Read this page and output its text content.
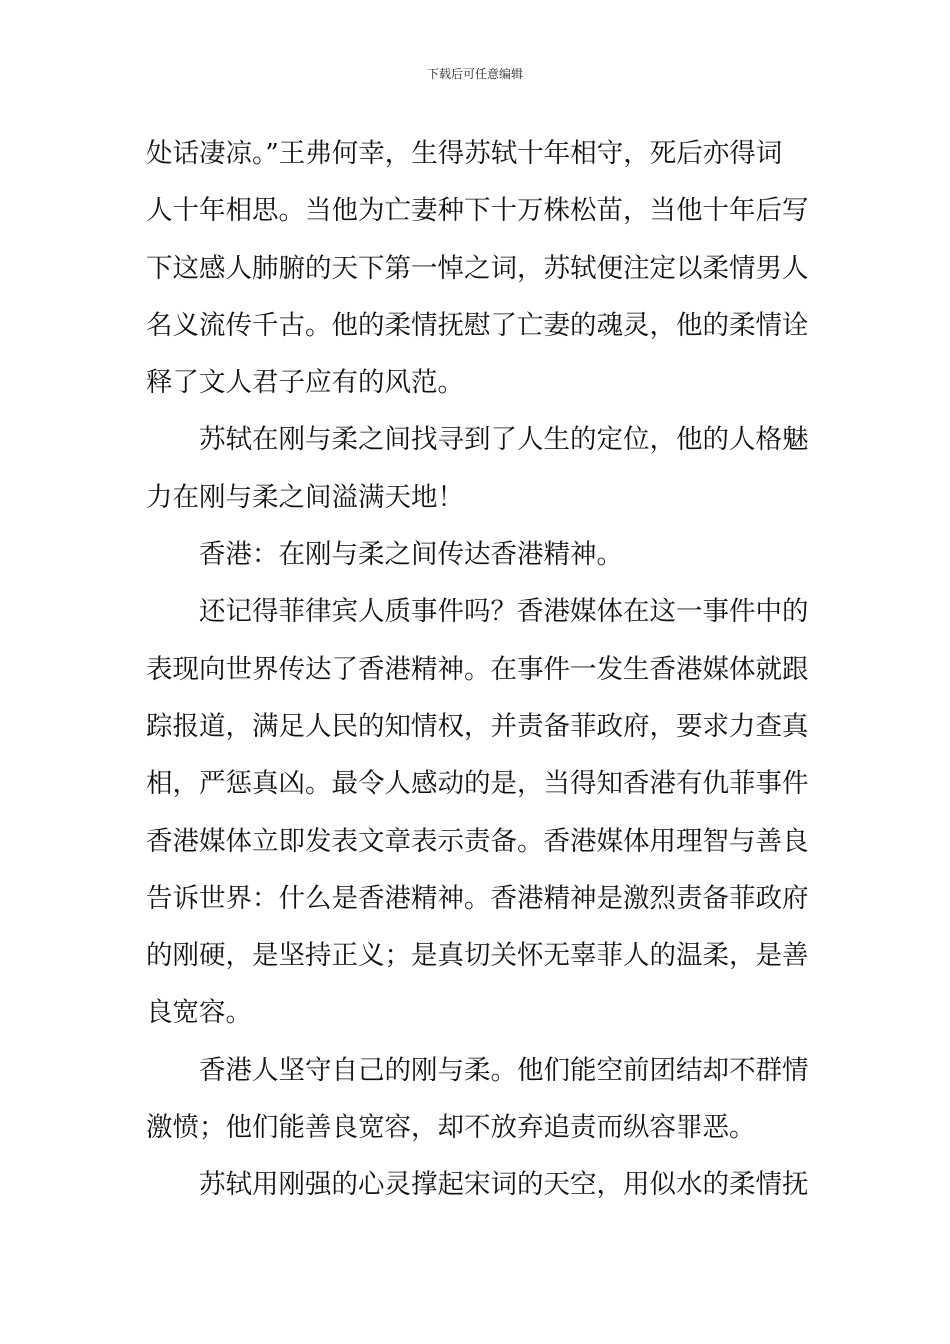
下载后可任意编辑
处话凄凉。”王弗何幸，生得苏轼十年相守，死后亦得词
人十年相思。当他为亡妻种下十万株松苗，当他十年后写
下这感人肺腑的天下第一悼之词，苏轼便注定以柔情男人
名义流传千古。他的柔情抚慰了亡妻的魂灵，他的柔情诠
释了文人君子应有的风范。
　　苏轼在刚与柔之间找寻到了人生的定位，他的人格魅
力在刚与柔之间溢满天地！
　　香港：在刚与柔之间传达香港精神。
　　还记得菲律宾人质事件吗？香港媒体在这一事件中的
表现向世界传达了香港精神。在事件一发生香港媒体就跟
踪报道，满足人民的知情权，并责备菲政府，要求力查真
相，严惩真凶。最令人感动的是，当得知香港有仇菲事件
香港媒体立即发表文章表示责备。香港媒体用理智与善良
告诉世界：什么是香港精神。香港精神是激烈责备菲政府
的刚硬，是坚持正义；是真切关怀无辜菲人的温柔，是善
良宽容。
　　香港人坚守自己的刚与柔。他们能空前团结却不群情
激愤；他们能善良宽容，却不放弃追责而纵容罪恶。
　　苏轼用刚强的心灵撑起宋词的天空，用似水的柔情抚
